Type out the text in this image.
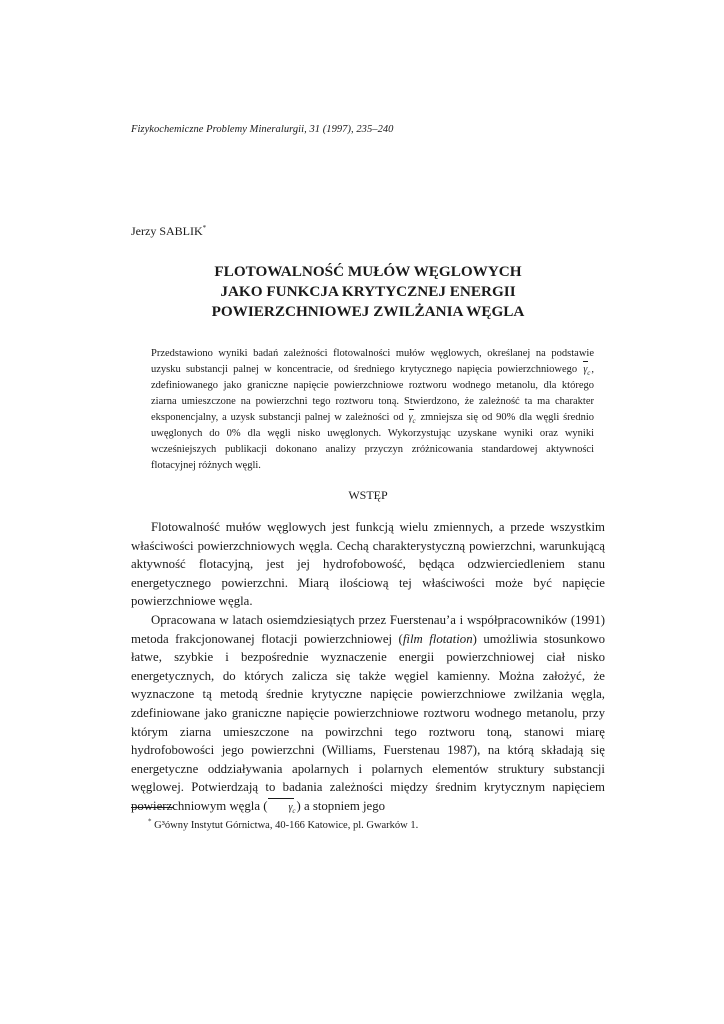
Fizykochemiczne Problemy Mineralurgii, 31 (1997), 235–240
Jerzy SABLIK*
FLOTOWALNOŚĆ MUŁÓW WĘGLOWYCH
JAKO FUNKCJA KRYTYCZNEJ ENERGII
POWIERZCHNIOWEJ ZWILŻANIA WĘGLA
Przedstawiono wyniki badań zależności flotowalności mułów węglowych, określanej na podstawie uzysku substancji palnej w koncentracie, od średniego krytycznego napięcia powierzchniowego $\gamma_c$, zdefiniowanego jako graniczne napięcie powierzchniowe roztworu wodnego metanolu, dla którego ziarna umieszczone na powierzchni tego roztworu toną. Stwierdzono, że zależność ta ma charakter eksponencjalny, a uzysk substancji palnej w zależności od $\gamma_c$ zmniejsza się od 90% dla węgli średnio uwęglonych do 0% dla węgli nisko uwęglonych. Wykorzystując uzyskane wyniki oraz wyniki wcześniejszych publikacji dokonano analizy przyczyn zróżnicowania standardowej aktywności flotacyjnej różnych węgli.
WSTĘP

Flotowalność mułów węglowych jest funkcją wielu zmiennych, a przede wszystkim właściwości powierzchniowych węgla. Cechą charakterystyczną powierzchni, warunkującą aktywność flotacyjną, jest jej hydrofobowość, będąca odzwierciedleniem stanu energetycznego powierzchni. Miarą ilościową tej właściwości może być napięcie powierzchniowe węgla.

Opracowana w latach osiemdziesiątych przez Fuerstenau’a i współpracowników (1991) metoda frakcjonowanej flotacji powierzchniowej (film flotation) umożliwia stosunkowo łatwe, szybkie i bezpośrednie wyznaczenie energii powierzchniowej ciał nisko energetycznych, do których zalicza się także węgiel kamienny. Można założyć, że wyznaczone tą metodą średnie krytyczne napięcie powierzchniowe zwilżania węgla, zdefiniowane jako graniczne napięcie powierzchniowe roztworu wodnego metanolu, przy którym ziarna umieszczone na powirzchni tego roztworu toną, stanowi miarę hydrofobowości jego powierzchni (Williams, Fuerstenau 1987), na którą składają się energetyczne oddziaływania apolarnych i polarnych elementów struktury substancji węglowej. Potwierdzają to badania zależności między średnim krytycznym napięciem powierzchniowym węgla ( $\gamma_c$) a stopniem jego

* G³ówny Instytut Górnictwa, 40-166 Katowice, pl. Gwarków 1.
